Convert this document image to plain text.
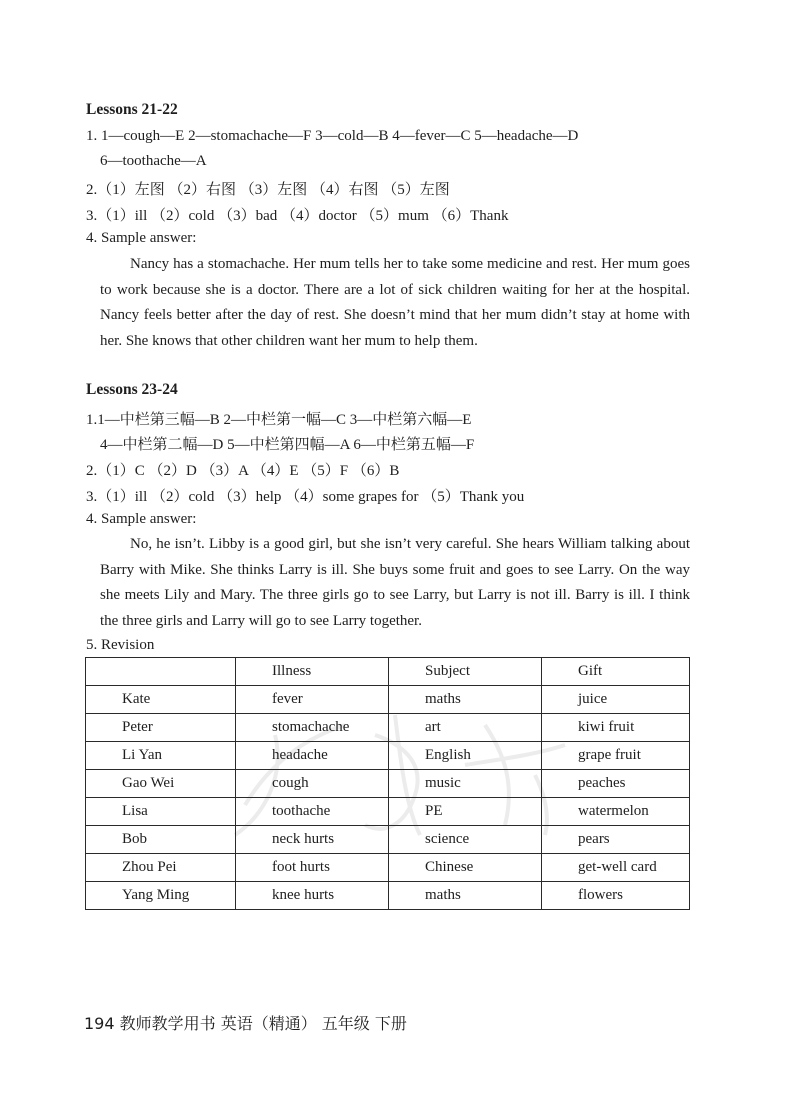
Lessons 21-22
1. 1—cough—E 2—stomachache—F 3—cold—B 4—fever—C 5—headache—D
6—toothache—A
2.（1）左图 （2）右图 （3）左图 （4）右图 （5）左图
3.（1）ill （2）cold （3）bad （4）doctor （5）mum （6）Thank
4. Sample answer:
Nancy has a stomachache. Her mum tells her to take some medicine and rest. Her mum goes to work because she is a doctor. There are a lot of sick children waiting for her at the hospital. Nancy feels better after the day of rest. She doesn’t mind that her mum didn’t stay at home with her. She knows that other children want her mum to help them.
Lessons 23-24
1.1—中栏第三幅—B 2—中栏第一幅—C 3—中栏第六幅—E
4—中栏第二幅—D 5—中栏第四幅—A 6—中栏第五幅—F
2.（1）C （2）D （3）A （4）E （5）F （6）B
3.（1）ill （2）cold （3）help （4）some grapes for （5）Thank you
4. Sample answer:
No, he isn’t. Libby is a good girl, but she isn’t very careful. She hears William talking about Barry with Mike. She thinks Larry is ill. She buys some fruit and goes to see Larry. On the way she meets Lily and Mary. The three girls go to see Larry, but Larry is not ill. Barry is ill. I think the three girls and Larry will go to see Larry together.
5. Revision
	Illness	Subject	Gift
Kate	fever	maths	juice
Peter	stomachache	art	kiwi fruit
Li Yan	headache	English	grape fruit
Gao Wei	cough	music	peaches
Lisa	toothache	PE	watermelon
Bob	neck hurts	science	pears
Zhou Pei	foot hurts	Chinese	get-well card
Yang Ming	knee hurts	maths	flowers
194 教师教学用书 英语（精通） 五年级 下册
